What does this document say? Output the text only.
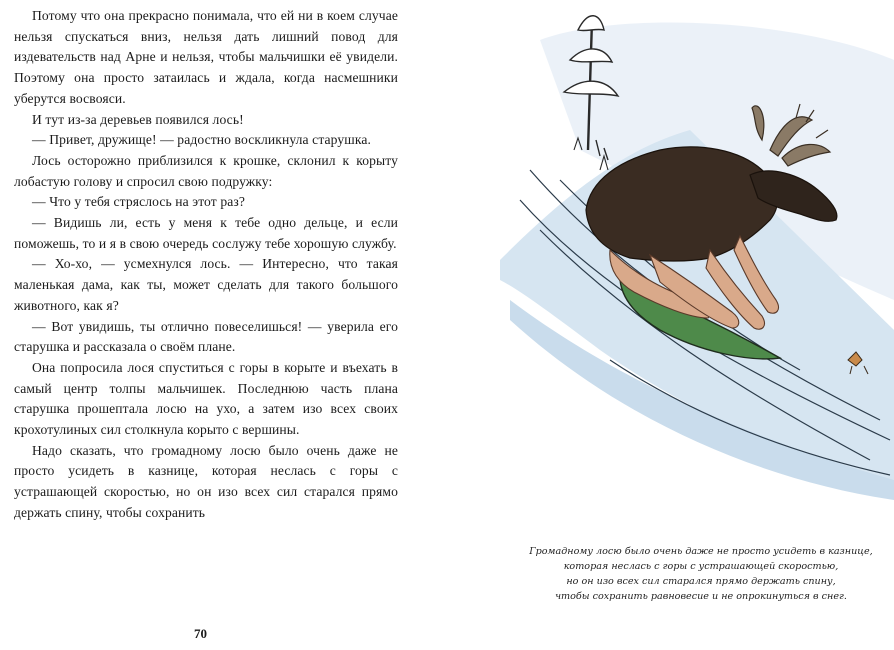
Потому что она прекрасно понимала, что ей ни в коем случае нельзя спускаться вниз, нельзя дать лишний повод для издевательств над Арне и нельзя, чтобы мальчишки её увидели. Поэтому она просто затаилась и ждала, когда насмешники уберутся восвояси.

И тут из-за деревьев появился лось!

— Привет, дружище! — радостно воскликнула старушка.

Лось осторожно приблизился к крошке, склонил к корыту лобастую голову и спросил свою подружку:

— Что у тебя стряслось на этот раз?

— Видишь ли, есть у меня к тебе одно дельце, и если поможешь, то и я в свою очередь сослужу тебе хорошую службу.

— Хо-хо, — усмехнулся лось. — Интересно, что такая маленькая дама, как ты, может сделать для такого большого животного, как я?

— Вот увидишь, ты отлично повеселишься! — уверила его старушка и рассказала о своём плане.

Она попросила лося спуститься с горы в корыте и въехать в самый центр толпы мальчишек. Последнюю часть плана старушка прошептала лосю на ухо, а затем изо всех своих крохотулиных сил столкнула корыто с вершины.

Надо сказать, что громадному лосю было очень даже не просто усидеть в казнице, которая неслась с горы с устрашающей скоростью, но он изо всех сил старался прямо держать спину, чтобы сохранить

70
Громадному лосю было очень даже не просто усидеть в казнице,
которая неслась с горы с устрашающей скоростью,
но он изо всех сил старался прямо держать спину,
чтобы сохранить равновесие и не опрокинуться в снег.
